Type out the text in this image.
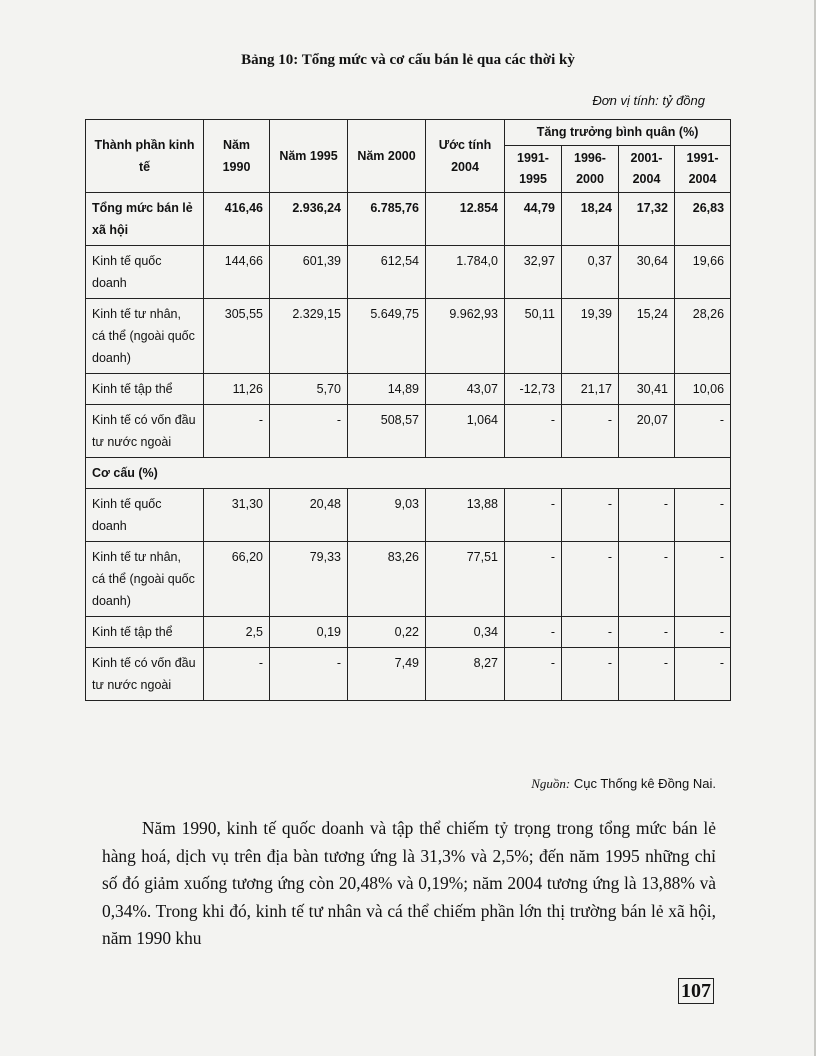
Bảng 10: Tổng mức và cơ cấu bán lẻ qua các thời kỳ
Đơn vị tính: tỷ đồng
Thành phần kinh tế	Năm 1990	Năm 1995	Năm 2000	Ước tính 2004	Tăng trưởng bình quân (%)			
					1991-1995	1996-2000	2001-2004	1991-2004
Tổng mức bán lẻ xã hội	416,46	2.936,24	6.785,76	12.854	44,79	18,24	17,32	26,83
Kinh tế quốc doanh	144,66	601,39	612,54	1.784,0	32,97	0,37	30,64	19,66
Kinh tế tư nhân, cá thể (ngoài quốc doanh)	305,55	2.329,15	5.649,75	9.962,93	50,11	19,39	15,24	28,26
Kinh tế tập thể	11,26	5,70	14,89	43,07	-12,73	21,17	30,41	10,06
Kinh tế có vốn đầu tư nước ngoài	-	-	508,57	1,064	-	-	20,07	-
Cơ cấu (%)								
Kinh tế quốc doanh	31,30	20,48	9,03	13,88	-	-	-	-
Kinh tế tư nhân, cá thể (ngoài quốc doanh)	66,20	79,33	83,26	77,51	-	-	-	-
Kinh tế tập thể	2,5	0,19	0,22	0,34	-	-	-	-
Kinh tế có vốn đầu tư nước ngoài	-	-	7,49	8,27	-	-	-	-
Nguồn: Cục Thống kê Đồng Nai.

Năm 1990, kinh tế quốc doanh và tập thể chiếm tỷ trọng trong tổng mức bán lẻ hàng hoá, dịch vụ trên địa bàn tương ứng là 31,3% và 2,5%; đến năm 1995 những chỉ số đó giảm xuống tương ứng còn 20,48% và 0,19%; năm 2004 tương ứng là 13,88% và 0,34%. Trong khi đó, kinh tế tư nhân và cá thể chiếm phần lớn thị trường bán lẻ xã hội, năm 1990 khu

107
